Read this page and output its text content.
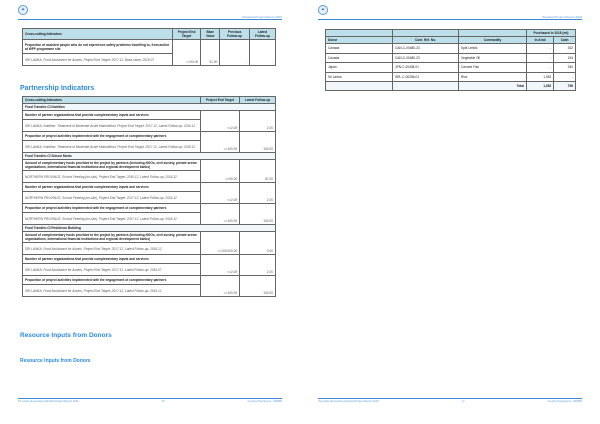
✦
Standard Project Report 2016
Cross-cutting Indicators	Project End Target	Base Value	Previous Follow-up	Latest Follow-up
Proportion of assisted people who do not experience safety problems travelling to, from and/or at WFP programme site	>=90.00	91.00	-	-
SRI LANKA, Food Assistance for Assets, Project End Target: 2017.12, Base value: 2016.07				
Partnership Indicators
Cross-cutting Indicators	Project End Target	Latest Follow-up
Food Transfer-CI Nutrition		
Number of partner organizations that provide complementary inputs and services	>=2.00	2.00
SRI LANKA, Nutrition: Treatment of Moderate Acute Malnutrition, Project End Target: 2017.12, Latest Follow-up: 2016.12		
Proportion of project activities implemented with the engagement of complementary partners	>=100.00	100.00
SRI LANKA, Nutrition: Treatment of Moderate Acute Malnutrition, Project End Target: 2017.12, Latest Follow-up: 2016.12		
Food Transfer-CI School Meals		
Amount of complementary funds provided to the project by partners (including NGOs, civil society, private sector organizations, international financial institutions and regional development banks)	>=90.00	87.00
NORTHERN PROVINCE, School Feeding (on-site), Project End Target: 2016.12, Latest Follow-up: 2016.12		
Number of partner organizations that provide complementary inputs and services	>=2.00	2.00
NORTHERN PROVINCE, School Feeding (on-site), Project End Target: 2017.12, Latest Follow-up: 2016.12		
Proportion of project activities implemented with the engagement of complementary partners	>=100.00	100.00
NORTHERN PROVINCE, School Feeding (on-site), Project End Target: 2017.12, Latest Follow-up: 2016.12		
Food Transfer-CI Resilience Building		
Amount of complementary funds provided to the project by partners (including NGOs, civil society, private sector organizations, international financial institutions and regional development banks)	>=100,000.00	0.00
SRI LANKA, Food Assistance for Assets, Project End Target: 2017.12, Latest Follow-up: 2016.12		
Number of partner organizations that provide complementary inputs and services	>=2.00	2.00
SRI LANKA, Food Assistance for Assets, Project End Target: 2017.12, Latest Follow-up: 2016.07		
Proportion of project activities implemented with the engagement of complementary partners	>=100.00	100.00
SRI LANKA, Food Assistance for Assets, Project End Target: 2017.12, Latest Follow-up: 2016.12		
Resource Inputs from Donors
Resource Inputs from Donors
Sri Lanka, Resourcing Standard Project Report 2016	16	Country Programme - 200866
✦
Standard Project Report 2016
			Purchased in 2016 (mt)	
Donor	Cont. Ref. No.	Commodity	In-Kind	Cash
Canada	CAN-C-00480-23	Split Lentils	-	262
Canada	CAN-C-00480-23	Vegetable Oil	-	154
Japan	JPN-C-00408-01	Canned Fish	-	340
Sri Lanka	SRL-C-00286-01	Rice	1,053	-
		Total	1,053	756
Sri Lanka, Resourcing Standard Project Report 2016	17	Country Programme - 200866
